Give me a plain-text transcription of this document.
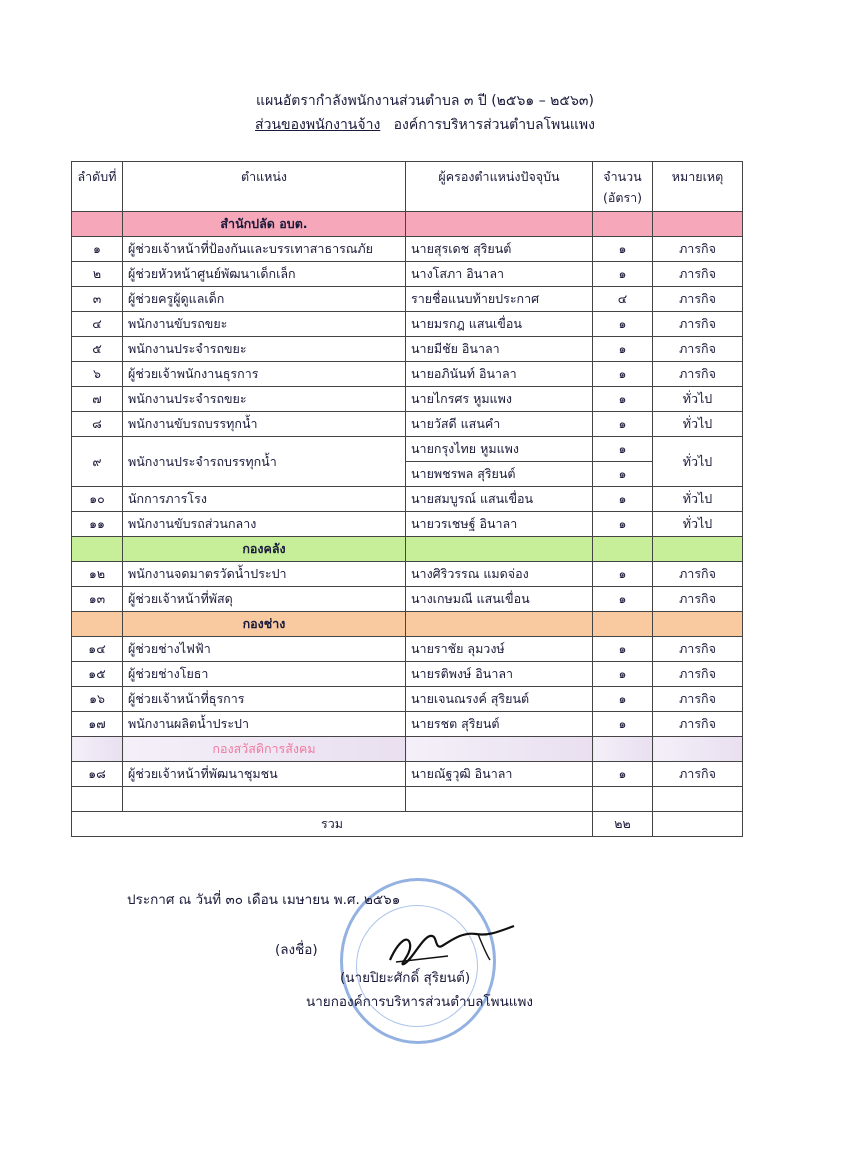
แผนอัตรากำลังพนักงานส่วนตำบล ๓ ปี (๒๕๖๑ – ๒๕๖๓)
ส่วนของพนักงานจ้าง องค์การบริหารส่วนตำบลโพนแพง
ลำดับที่	ตำแหน่ง	ผู้ครองตำแหน่งปัจจุบัน	จำนวน (อัตรา)	หมายเหตุ
	สำนักปลัด อบต.			
๑	ผู้ช่วยเจ้าหน้าที่ป้องกันและบรรเทาสาธารณภัย	นายสุรเดช สุริยนต์	๑	ภารกิจ
๒	ผู้ช่วยหัวหน้าศูนย์พัฒนาเด็กเล็ก	นางโสภา อินาลา	๑	ภารกิจ
๓	ผู้ช่วยครูผู้ดูแลเด็ก	รายชื่อแนบท้ายประกาศ	๔	ภารกิจ
๔	พนักงานขับรถขยะ	นายมรกฎ แสนเขื่อน	๑	ภารกิจ
๕	พนักงานประจำรถขยะ	นายมีชัย อินาลา	๑	ภารกิจ
๖	ผู้ช่วยเจ้าพนักงานธุรการ	นายอภินันท์ อินาลา	๑	ภารกิจ
๗	พนักงานประจำรถขยะ	นายไกรศร หูมแพง	๑	ทั่วไป
๘	พนักงานขับรถบรรทุกน้ำ	นายวัสดี แสนคำ	๑	ทั่วไป
๙	พนักงานประจำรถบรรทุกน้ำ	นายกรุงไทย หูมแพง	๑	ทั่วไป
		นายพชรพล สุริยนต์	๑	
๑๐	นักการภารโรง	นายสมบูรณ์ แสนเขื่อน	๑	ทั่วไป
๑๑	พนักงานขับรถส่วนกลาง	นายวรเชษฐ์ อินาลา	๑	ทั่วไป
	กองคลัง			
๑๒	พนักงานจดมาตรวัดน้ำประปา	นางศิริวรรณ แมดจ่อง	๑	ภารกิจ
๑๓	ผู้ช่วยเจ้าหน้าที่พัสดุ	นางเกษมณี แสนเขื่อน	๑	ภารกิจ
	กองช่าง			
๑๔	ผู้ช่วยช่างไฟฟ้า	นายราชัย ลุมวงษ์	๑	ภารกิจ
๑๕	ผู้ช่วยช่างโยธา	นายรติพงษ์ อินาลา	๑	ภารกิจ
๑๖	ผู้ช่วยเจ้าหน้าที่ธุรการ	นายเจนณรงค์ สุริยนต์	๑	ภารกิจ
๑๗	พนักงานผลิตน้ำประปา	นายรชต สุริยนต์	๑	ภารกิจ
	กองสวัสดิการสังคม			
๑๘	ผู้ช่วยเจ้าหน้าที่พัฒนาชุมชน	นายณัฐวุฒิ อินาลา	๑	ภารกิจ

รวม			๒๒	
ประกาศ ณ วันที่ ๓๐ เดือน เมษายน พ.ศ. ๒๕๖๑
(ลงชื่อ)
(นายปิยะศักดิ์ สุริยนต์)
นายกองค์การบริหารส่วนตำบลโพนแพง
